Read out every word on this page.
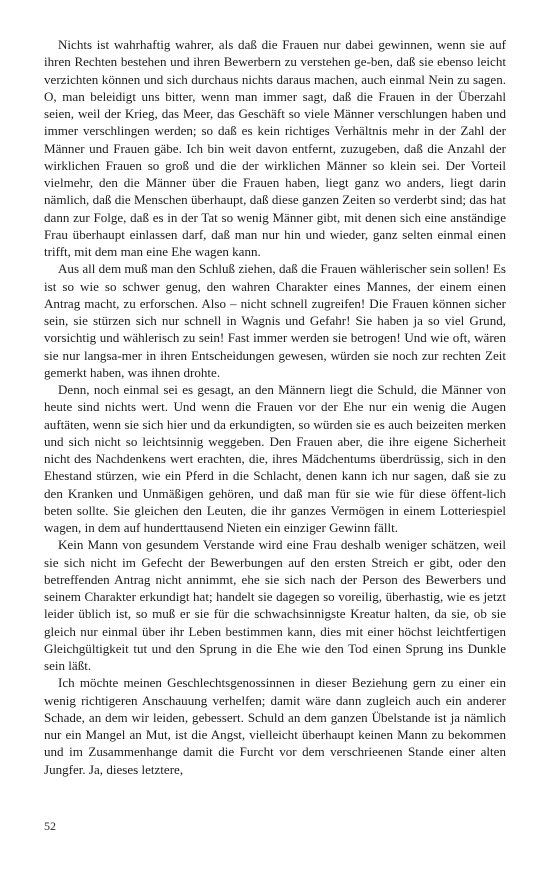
Nichts ist wahrhaftig wahrer, als daß die Frauen nur dabei gewinnen, wenn sie auf ihren Rechten bestehen und ihren Bewerbern zu verstehen ge-ben, daß sie ebenso leicht verzichten können und sich durchaus nichts daraus machen, auch einmal Nein zu sagen. O, man beleidigt uns bitter, wenn man immer sagt, daß die Frauen in der Überzahl seien, weil der Krieg, das Meer, das Geschäft so viele Männer verschlungen haben und immer verschlingen werden; so daß es kein richtiges Verhältnis mehr in der Zahl der Männer und Frauen gäbe. Ich bin weit davon entfernt, zuzugeben, daß die Anzahl der wirklichen Frauen so groß und die der wirklichen Männer so klein sei. Der Vorteil vielmehr, den die Männer über die Frauen haben, liegt ganz wo anders, liegt darin nämlich, daß die Menschen überhaupt, daß diese ganzen Zeiten so verderbt sind; das hat dann zur Folge, daß es in der Tat so wenig Männer gibt, mit denen sich eine anständige Frau überhaupt einlassen darf, daß man nur hin und wieder, ganz selten einmal einen trifft, mit dem man eine Ehe wagen kann.

Aus all dem muß man den Schluß ziehen, daß die Frauen wählerischer sein sollen! Es ist so wie so schwer genug, den wahren Charakter eines Mannes, der einem einen Antrag macht, zu erforschen. Also – nicht schnell zugreifen! Die Frauen können sicher sein, sie stürzen sich nur schnell in Wagnis und Gefahr! Sie haben ja so viel Grund, vorsichtig und wählerisch zu sein! Fast immer werden sie betrogen! Und wie oft, wären sie nur langsa-mer in ihren Entscheidungen gewesen, würden sie noch zur rechten Zeit gemerkt haben, was ihnen drohte.

Denn, noch einmal sei es gesagt, an den Männern liegt die Schuld, die Männer von heute sind nichts wert. Und wenn die Frauen vor der Ehe nur ein wenig die Augen auftäten, wenn sie sich hier und da erkundigten, so würden sie es auch beizeiten merken und sich nicht so leichtsinnig weggeben. Den Frauen aber, die ihre eigene Sicherheit nicht des Nachdenkens wert erachten, die, ihres Mädchentums überdrüssig, sich in den Ehestand stürzen, wie ein Pferd in die Schlacht, denen kann ich nur sagen, daß sie zu den Kranken und Unmäßigen gehören, und daß man für sie wie für diese öffent-lich beten sollte. Sie gleichen den Leuten, die ihr ganzes Vermögen in einem Lotteriespiel wagen, in dem auf hunderttausend Nieten ein einziger Gewinn fällt.

Kein Mann von gesundem Verstande wird eine Frau deshalb weniger schätzen, weil sie sich nicht im Gefecht der Bewerbungen auf den ersten Streich er gibt, oder den betreffenden Antrag nicht annimmt, ehe sie sich nach der Person des Bewerbers und seinem Charakter erkundigt hat; handelt sie dagegen so voreilig, überhastig, wie es jetzt leider üblich ist, so muß er sie für die schwachsinnigste Kreatur halten, da sie, ob sie gleich nur einmal über ihr Leben bestimmen kann, dies mit einer höchst leichtfertigen Gleichgültigkeit tut und den Sprung in die Ehe wie den Tod einen Sprung ins Dunkle sein läßt.

Ich möchte meinen Geschlechtsgenossinnen in dieser Beziehung gern zu einer ein wenig richtigeren Anschauung verhelfen; damit wäre dann zugleich auch ein anderer Schade, an dem wir leiden, gebessert. Schuld an dem ganzen Übelstande ist ja nämlich nur ein Mangel an Mut, ist die Angst, vielleicht überhaupt keinen Mann zu bekommen und im Zusammenhange damit die Furcht vor dem verschrieenen Stande einer alten Jungfer. Ja, dieses letztere,

52
